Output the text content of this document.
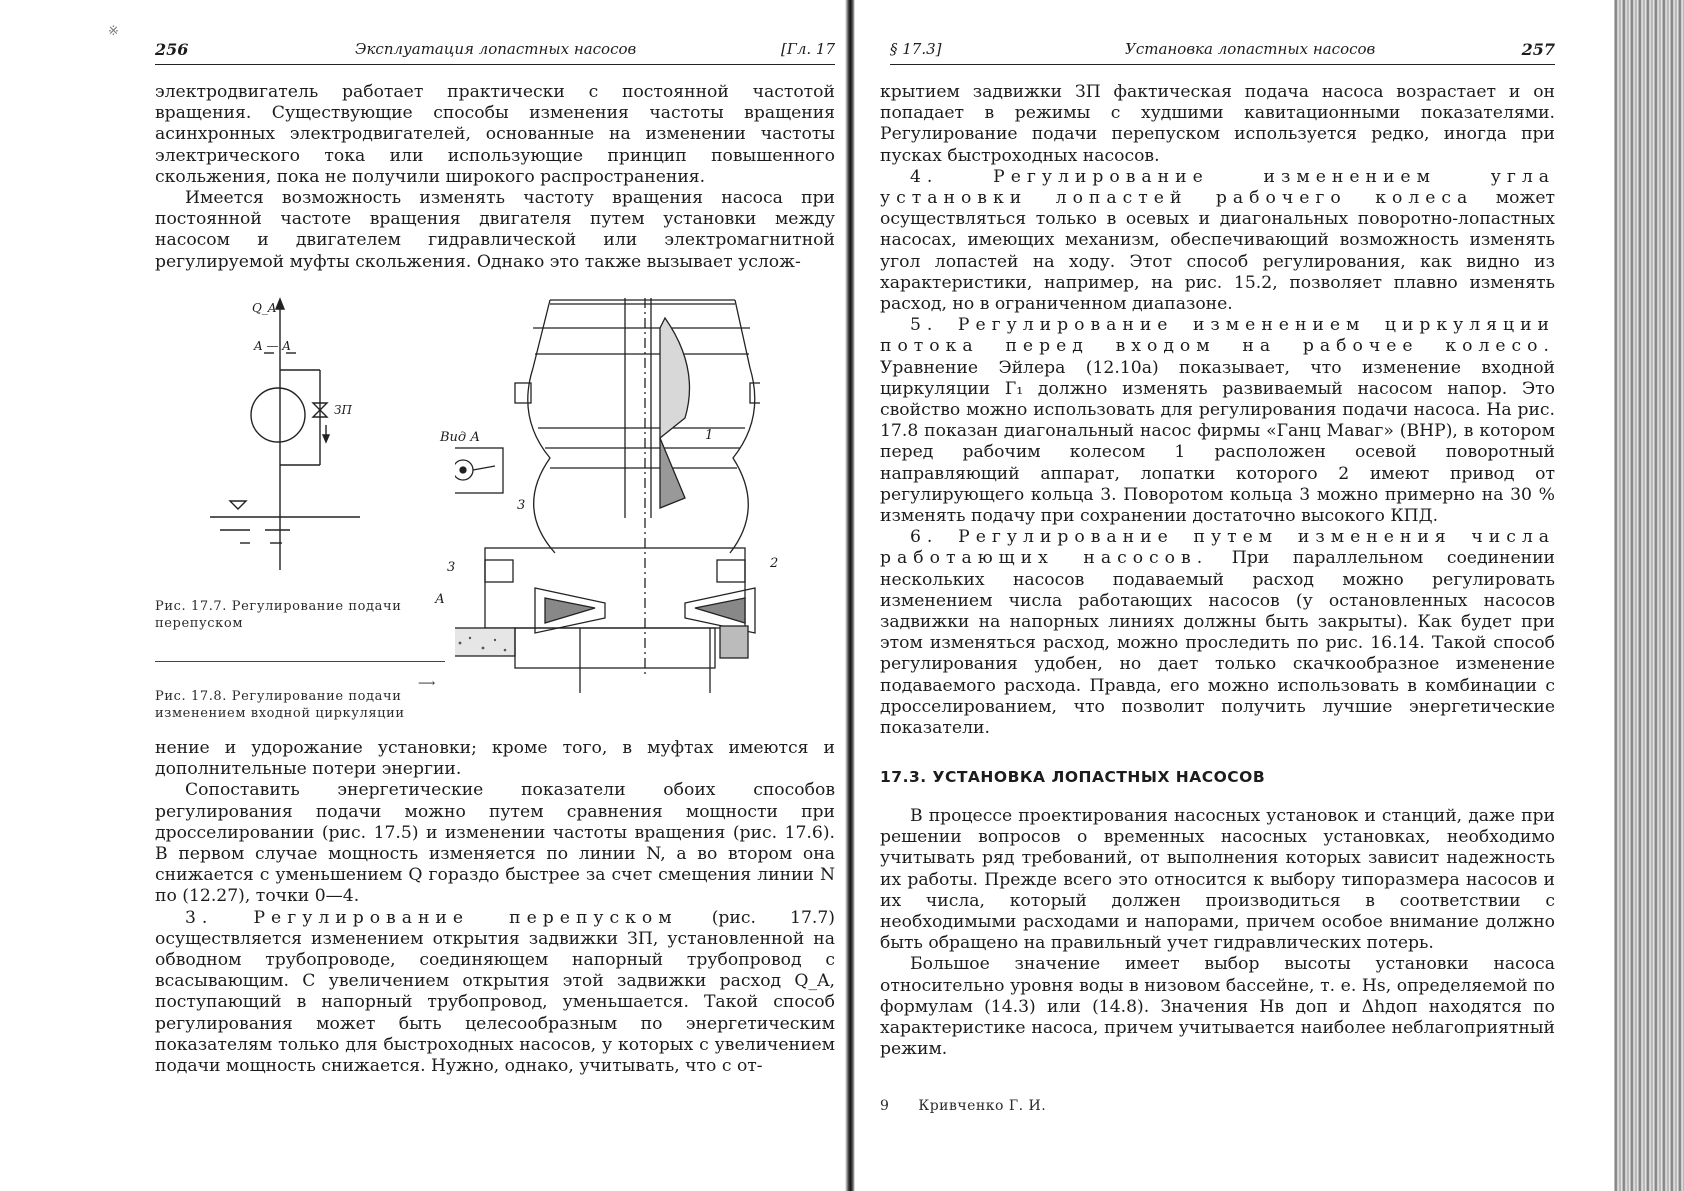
※
256	Эксплуатация лопастных насосов	[Гл. 17

электродвигатель работает практически с постоянной частотой вращения. Существующие способы изменения частоты вращения асинхронных электродвигателей, основанные на изменении частоты электрического тока или использующие принцип повышенного скольжения, пока не получили широкого распространения.

Имеется возможность изменять частоту вращения насоса при постоянной частоте вращения двигателя путем установки между насосом и двигателем гидравлической или электромагнитной регулируемой муфты скольжения. Однако это также вызывает услож-

Q_A
A — A
ЗП
Рис. 17.7. Регулирование подачи перепуском
Рис. 17.8. Регулирование подачи изменением входной циркуляции
⟶
Вид А	1
3
3	2
А

нение и удорожание установки; кроме того, в муфтах имеются и дополнительные потери энергии.

Сопоставить энергетические показатели обоих способов регулирования подачи можно путем сравнения мощности при дросселировании (рис. 17.5) и изменении частоты вращения (рис. 17.6). В первом случае мощность изменяется по линии N, а во втором она снижается с уменьшением Q гораздо быстрее за счет смещения линии N по (12.27), точки 0—4.

3. Регулирование перепуском (рис. 17.7) осуществляется изменением открытия задвижки ЗП, установленной на обводном трубопроводе, соединяющем напорный трубопровод с всасывающим. С увеличением открытия этой задвижки расход Q_A, поступающий в напорный трубопровод, уменьшается. Такой способ регулирования может быть целесообразным по энергетическим показателям только для быстроходных насосов, у которых с увеличением подачи мощность снижается. Нужно, однако, учитывать, что с от-

§ 17.3]	Установка лопастных насосов	257

крытием задвижки ЗП фактическая подача насоса возрастает и он попадает в режимы с худшими кавитационными показателями. Регулирование подачи перепуском используется редко, иногда при пусках быстроходных насосов.

4. Регулирование изменением угла установки лопастей рабочего колеса может осуществляться только в осевых и диагональных поворотно-лопастных насосах, имеющих механизм, обеспечивающий возможность изменять угол лопастей на ходу. Этот способ регулирования, как видно из характеристики, например, на рис. 15.2, позволяет плавно изменять расход, но в ограниченном диапазоне.

5. Регулирование изменением циркуляции потока перед входом на рабочее колесо. Уравнение Эйлера (12.10а) показывает, что изменение входной циркуляции Г₁ должно изменять развиваемый насосом напор. Это свойство можно использовать для регулирования подачи насоса. На рис. 17.8 показан диагональный насос фирмы «Ганц Маваг» (ВНР), в котором перед рабочим колесом 1 расположен осевой поворотный направляющий аппарат, лопатки которого 2 имеют привод от регулирующего кольца 3. Поворотом кольца 3 можно примерно на 30 % изменять подачу при сохранении достаточно высокого КПД.

6. Регулирование путем изменения числа работающих насосов. При параллельном соединении нескольких насосов подаваемый расход можно регулировать изменением числа работающих насосов (у остановленных насосов задвижки на напорных линиях должны быть закрыты). Как будет при этом изменяться расход, можно проследить по рис. 16.14. Такой способ регулирования удобен, но дает только скачкообразное изменение подаваемого расхода. Правда, его можно использовать в комбинации с дросселированием, что позволит получить лучшие энергетические показатели.

17.3. УСТАНОВКА ЛОПАСТНЫХ НАСОСОВ

В процессе проектирования насосных установок и станций, даже при решении вопросов о временных насосных установках, необходимо учитывать ряд требований, от выполнения которых зависит надежность их работы. Прежде всего это относится к выбору типоразмера насосов и их числа, который должен производиться в соответствии с необходимыми расходами и напорами, причем особое внимание должно быть обращено на правильный учет гидравлических потерь.

Большое значение имеет выбор высоты установки насоса относительно уровня воды в низовом бассейне, т. е. Hs, определяемой по формулам (14.3) или (14.8). Значения Hв доп и Δhдоп находятся по характеристике насоса, причем учитывается наиболее неблагоприятный режим.

9 Кривченко Г. И.
